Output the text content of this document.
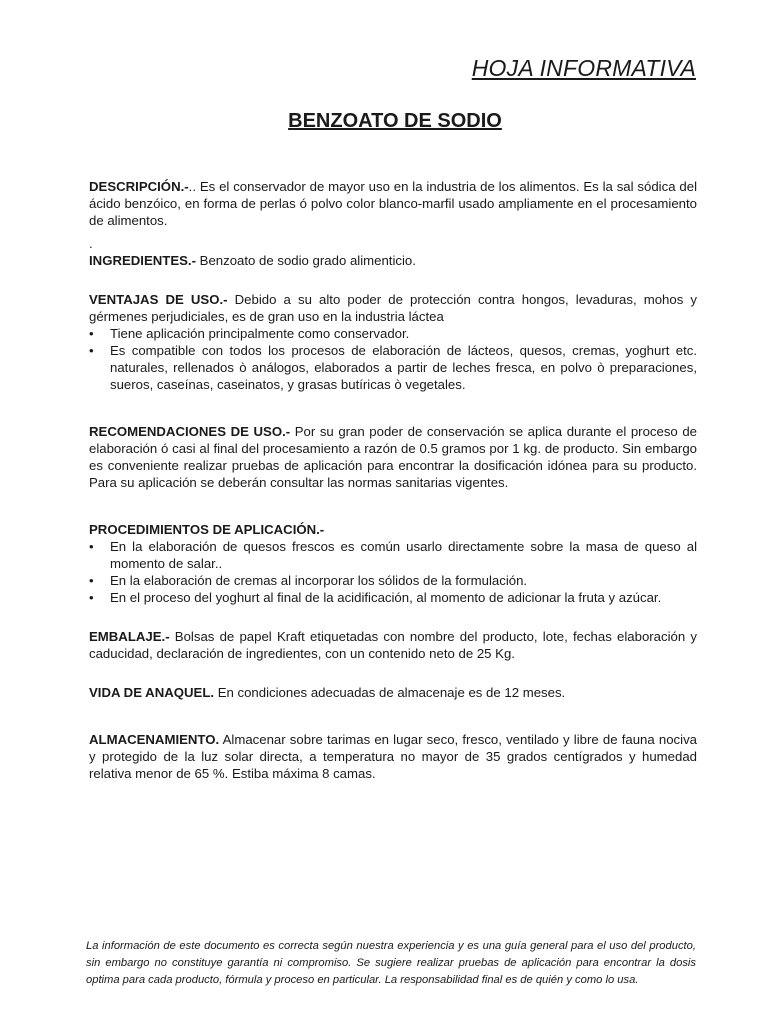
HOJA INFORMATIVA
BENZOATO DE SODIO

DESCRIPCIÓN.-.. Es el conservador de mayor uso en la industria de los alimentos. Es la sal sódica del ácido benzóico, en forma de perlas ó polvo color blanco-marfil usado ampliamente en el procesamiento de alimentos.

.

INGREDIENTES.- Benzoato de sodio grado alimenticio.

VENTAJAS DE USO.- Debido a su alto poder de protección contra hongos, levaduras, mohos y gérmenes perjudiciales, es de gran uso en la industria láctea

•	Tiene aplicación principalmente como conservador.
•	Es compatible con todos los procesos de elaboración de lácteos, quesos, cremas, yoghurt etc. naturales, rellenados ò análogos, elaborados a partir de leches fresca, en polvo ò preparaciones, sueros, caseínas, caseinatos, y grasas butíricas ò vegetales.

RECOMENDACIONES DE USO.- Por su gran poder de conservación se aplica durante el proceso de elaboración ó casi al final del procesamiento a razón de 0.5 gramos por 1 kg. de producto. Sin embargo es conveniente realizar pruebas de aplicación para encontrar la dosificación idónea para su producto. Para su aplicación se deberán consultar las normas sanitarias vigentes.

PROCEDIMIENTOS DE APLICACIÓN.-

•	En la elaboración de quesos frescos es común usarlo directamente sobre la masa de queso al momento de salar..
•	En la elaboración de cremas al incorporar los sólidos de la formulación.
•	En el proceso del yoghurt al final de la acidificación, al momento de adicionar la fruta y azúcar.

EMBALAJE.- Bolsas de papel Kraft etiquetadas con nombre del producto, lote, fechas elaboración y caducidad, declaración de ingredientes, con un contenido neto de 25 Kg.

VIDA DE ANAQUEL. En condiciones adecuadas de almacenaje es de 12 meses.

ALMACENAMIENTO. Almacenar sobre tarimas en lugar seco, fresco, ventilado y libre de fauna nociva y protegido de la luz solar directa, a temperatura no mayor de 35 grados centígrados y humedad relativa menor de 65 %. Estiba máxima 8 camas.

La información de este documento es correcta según nuestra experiencia y es una guía general para el uso del producto, sin embargo no constituye garantía ni compromiso. Se sugiere realizar pruebas de aplicación para encontrar la dosis optima para cada producto, fórmula y proceso en particular. La responsabilidad final es de quién y como lo usa.
